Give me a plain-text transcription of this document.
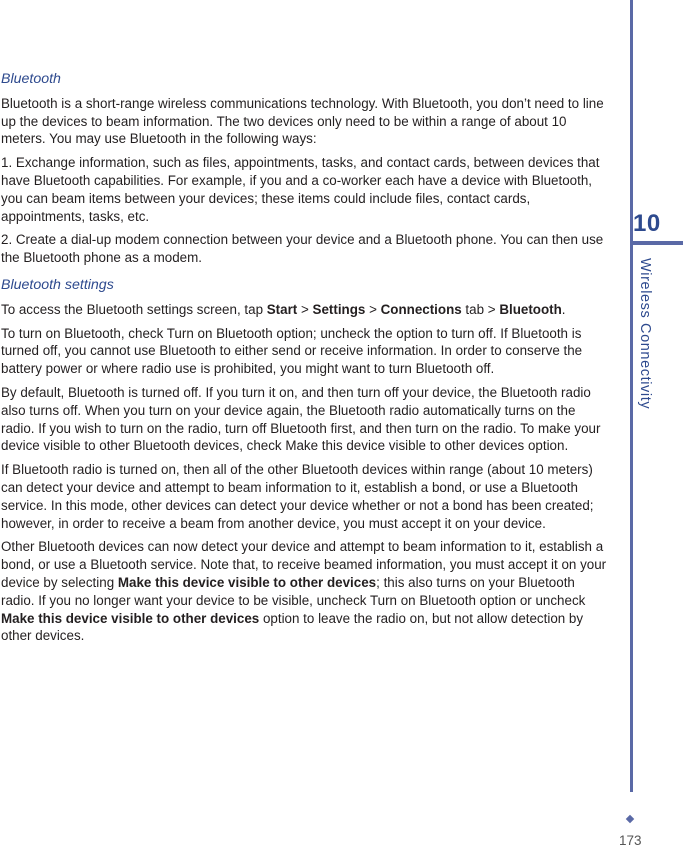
10
Wireless Connectivity
173
Bluetooth

Bluetooth is a short-range wireless communications technology. With Bluetooth, you don’t need to line up the devices to beam information. The two devices only need to be within a range of about 10 meters. You may use Bluetooth in the following ways:

1. Exchange information, such as files, appointments, tasks, and contact cards, between devices that have Bluetooth capabilities. For example, if you and a co-worker each have a device with Bluetooth, you can beam items between your devices; these items could include files, contact cards, appointments, tasks, etc.

2. Create a dial-up modem connection between your device and a Bluetooth phone. You can then use the Bluetooth phone as a modem.

Bluetooth settings

To access the Bluetooth settings screen, tap Start > Settings > Connections tab > Bluetooth.

To turn on Bluetooth, check Turn on Bluetooth option; uncheck the option to turn off. If Bluetooth is turned off, you cannot use Bluetooth to either send or receive information. In order to conserve the battery power or where radio use is prohibited, you might want to turn Bluetooth off.

By default, Bluetooth is turned off. If you turn it on, and then turn off your device, the Bluetooth radio also turns off. When you turn on your device again, the Bluetooth radio automatically turns on the radio. If you wish to turn on the radio, turn off Bluetooth first, and then turn on the radio. To make your device visible to other Bluetooth devices, check Make this device visible to other devices option.

If Bluetooth radio is turned on, then all of the other Bluetooth devices within range (about 10 meters) can detect your device and attempt to beam information to it, establish a bond, or use a Bluetooth service. In this mode, other devices can detect your device whether or not a bond has been created; however, in order to receive a beam from another device, you must accept it on your device.

Other Bluetooth devices can now detect your device and attempt to beam information to it, establish a bond, or use a Bluetooth service. Note that, to receive beamed information, you must accept it on your device by selecting Make this device visible to other devices; this also turns on your Bluetooth radio. If you no longer want your device to be visible, uncheck Turn on Bluetooth option or uncheck Make this device visible to other devices option to leave the radio on, but not allow detection by other devices.
